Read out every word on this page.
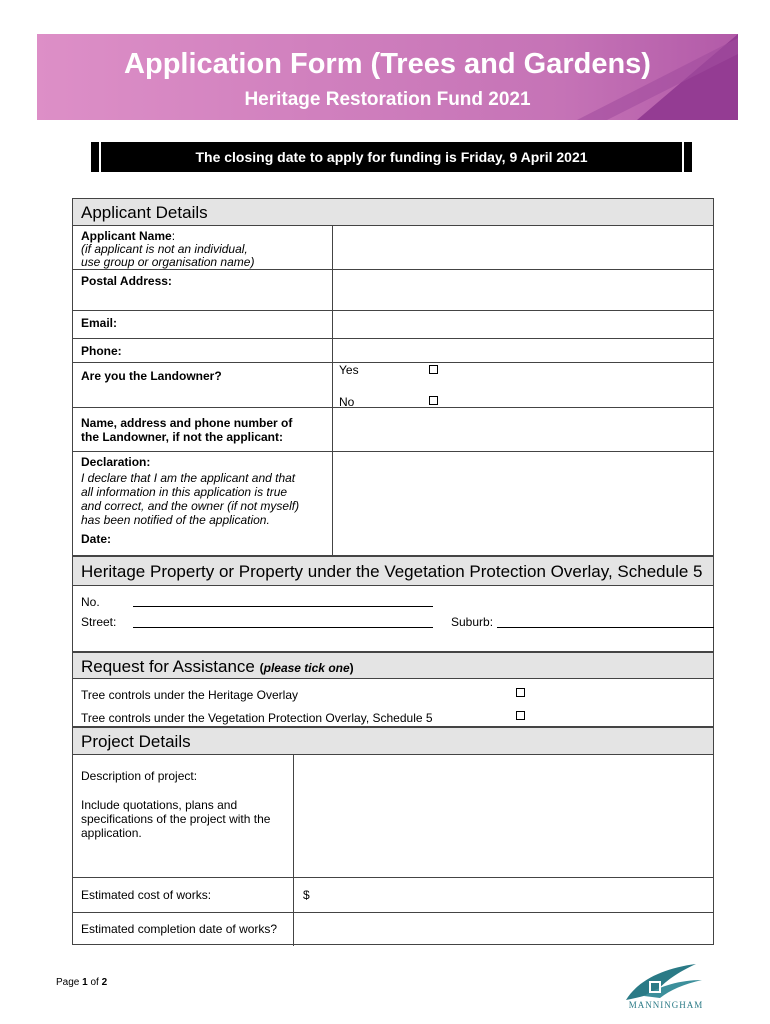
Application Form (Trees and Gardens)
Heritage Restoration Fund 2021
The closing date to apply for funding is Friday, 9 April 2021
Applicant Details
Applicant Name:
(if applicant is not an individual,
use group or organisation name)
Postal Address:
Email:
Phone:
Are you the Landowner?	Yes
No
Name, address and phone number of
the Landowner, if not the applicant:
Declaration:
I declare that I am the applicant and that
all information in this application is true
and correct, and the owner (if not myself)
has been notified of the application.
Date:
Heritage Property or Property under the Vegetation Protection Overlay, Schedule 5
No.
Street:	Suburb:
Request for Assistance (please tick one)
Tree controls under the Heritage Overlay
Tree controls under the Vegetation Protection Overlay, Schedule 5
Project Details
Description of project:
Include quotations, plans and
specifications of the project with the
application.
Estimated cost of works:	$
Estimated completion date of works?
Page 1 of 2
MANNINGHAM
